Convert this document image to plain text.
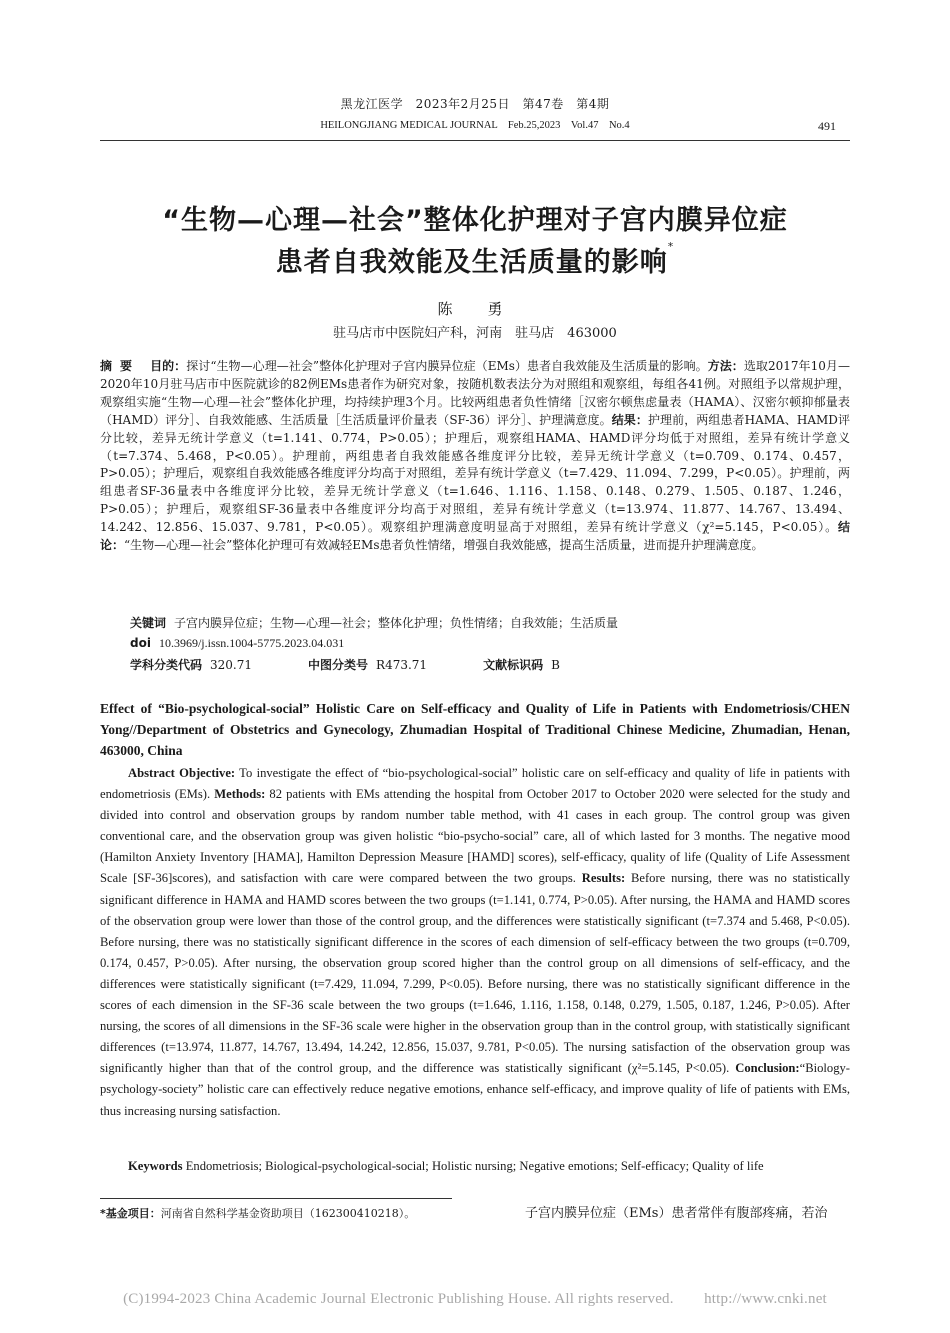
黑龙江医学　2023年2月25日　第47卷　第4期
HEILONGJIANG MEDICAL JOURNAL　Feb.25,2023　Vol.47　No.4	491
“生物—心理—社会”整体化护理对子宫内膜异位症
患者自我效能及生活质量的影响*
陈　勇
驻马店市中医院妇产科，河南　驻马店　463000
摘要 目的：探讨“生物—心理—社会”整体化护理对子宫内膜异位症（EMs）患者自我效能及生活质量的影响。方法：选取2017年10月—2020年10月驻马店市中医院就诊的82例EMs患者作为研究对象，按随机数表法分为对照组和观察组，每组各41例。对照组予以常规护理，观察组实施“生物—心理—社会”整体化护理，均持续护理3个月。比较两组患者负性情绪［汉密尔顿焦虑量表（HAMA）、汉密尔顿抑郁量表（HAMD）评分］、自我效能感、生活质量［生活质量评价量表（SF-36）评分］、护理满意度。结果：护理前，两组患者HAMA、HAMD评分比较，差异无统计学意义（t=1.141、0.774，P>0.05）；护理后，观察组HAMA、HAMD评分均低于对照组，差异有统计学意义（t=7.374、5.468，P<0.05）。护理前，两组患者自我效能感各维度评分比较，差异无统计学意义（t=0.709、0.174、0.457，P>0.05）；护理后，观察组自我效能感各维度评分均高于对照组，差异有统计学意义（t=7.429、11.094、7.299，P<0.05）。护理前，两组患者SF-36量表中各维度评分比较，差异无统计学意义（t=1.646、1.116、1.158、0.148、0.279、1.505、0.187、1.246，P>0.05）；护理后，观察组SF-36量表中各维度评分均高于对照组，差异有统计学意义（t=13.974、11.877、14.767、13.494、14.242、12.856、15.037、9.781，P<0.05）。观察组护理满意度明显高于对照组，差异有统计学意义（χ²=5.145，P<0.05）。结论：“生物—心理—社会”整体化护理可有效减轻EMs患者负性情绪，增强自我效能感，提高生活质量，进而提升护理满意度。
关键词 子宫内膜异位症；生物—心理—社会；整体化护理；负性情绪；自我效能；生活质量
doi 10.3969/j.issn.1004-5775.2023.04.031
学科分类代码 320.71	中图分类号 R473.71	文献标识码 B
Effect of “Bio-psychological-social” Holistic Care on Self-efficacy and Quality of Life in Patients with Endometriosis/CHEN Yong//Department of Obstetrics and Gynecology, Zhumadian Hospital of Traditional Chinese Medicine, Zhumadian, Henan, 463000, China
Abstract Objective: To investigate the effect of “bio-psychological-social” holistic care on self-efficacy and quality of life in patients with endometriosis (EMs). Methods: 82 patients with EMs attending the hospital from October 2017 to October 2020 were selected for the study and divided into control and observation groups by random number table method, with 41 cases in each group. The control group was given conventional care, and the observation group was given holistic “bio-psycho-social” care, all of which lasted for 3 months. The negative mood (Hamilton Anxiety Inventory [HAMA], Hamilton Depression Measure [HAMD] scores), self-efficacy, quality of life (Quality of Life Assessment Scale [SF-36]scores), and satisfaction with care were compared between the two groups. Results: Before nursing, there was no statistically significant difference in HAMA and HAMD scores between the two groups (t=1.141, 0.774, P>0.05). After nursing, the HAMA and HAMD scores of the observation group were lower than those of the control group, and the differences were statistically significant (t=7.374 and 5.468, P<0.05). Before nursing, there was no statistically significant difference in the scores of each dimension of self-efficacy between the two groups (t=0.709, 0.174, 0.457, P>0.05). After nursing, the observation group scored higher than the control group on all dimensions of self-efficacy, and the differences were statistically significant (t=7.429, 11.094, 7.299, P<0.05). Before nursing, there was no statistically significant difference in the scores of each dimension in the SF-36 scale between the two groups (t=1.646, 1.116, 1.158, 0.148, 0.279, 1.505, 0.187, 1.246, P>0.05). After nursing, the scores of all dimensions in the SF-36 scale were higher in the observation group than in the control group, with statistically significant differences (t=13.974, 11.877, 14.767, 13.494, 14.242, 12.856, 15.037, 9.781, P<0.05). The nursing satisfaction of the observation group was significantly higher than that of the control group, and the difference was statistically significant (χ²=5.145, P<0.05). Conclusion:“Biology-psychology-society” holistic care can effectively reduce negative emotions, enhance self-efficacy, and improve quality of life of patients with EMs, thus increasing nursing satisfaction.
Keywords Endometriosis; Biological-psychological-social; Holistic nursing; Negative emotions; Self-efficacy; Quality of life
*基金项目：河南省自然科学基金资助项目（162300410218）。	子宫内膜异位症（EMs）患者常伴有腹部疼痛，若治
(C)1994-2023 China Academic Journal Electronic Publishing House. All rights reserved.　　http://www.cnki.net
